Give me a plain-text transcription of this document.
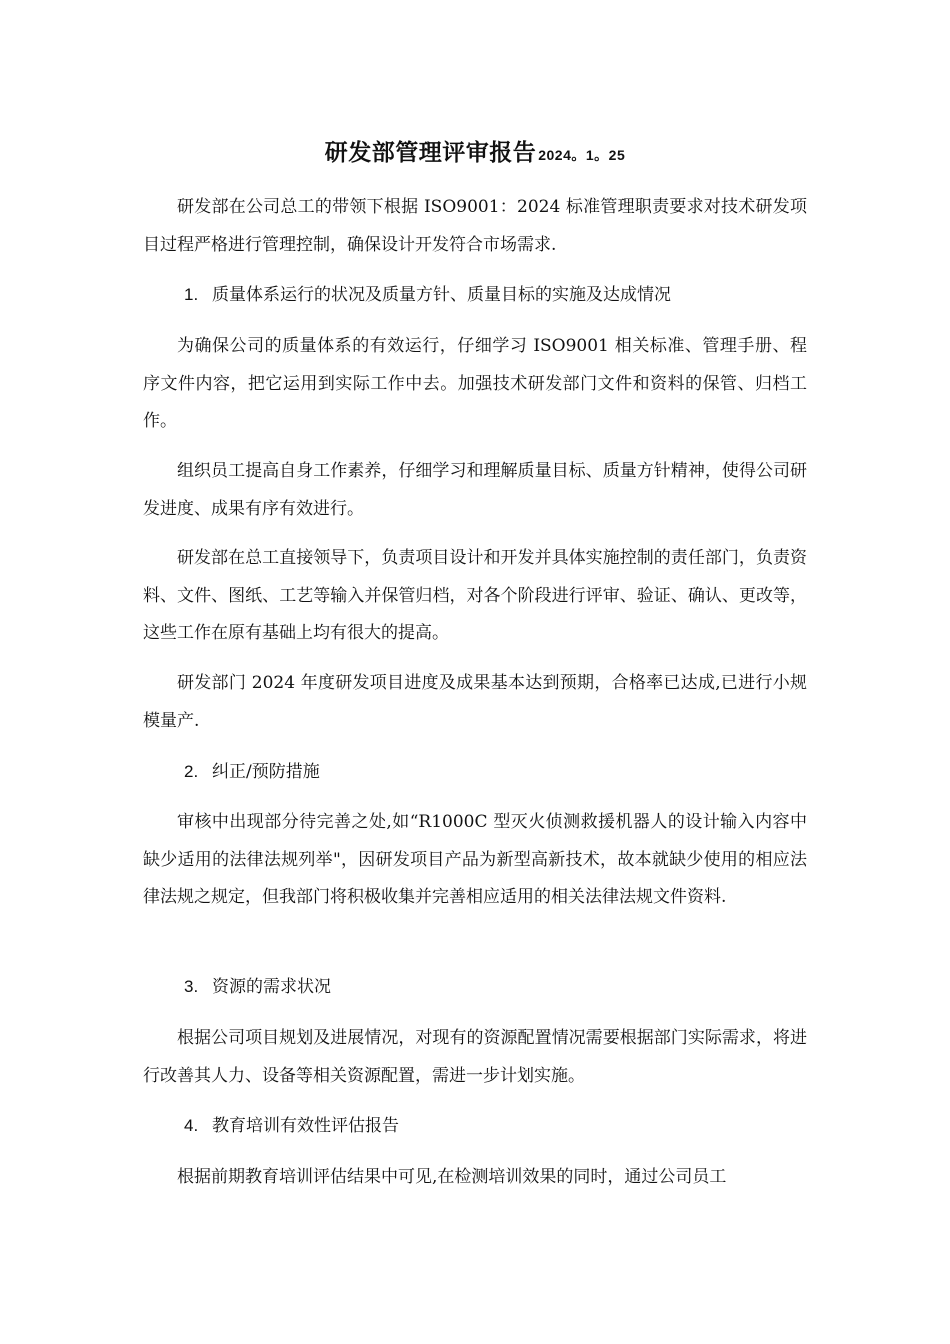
研发部管理评审报告 2024。1。25

研发部在公司总工的带领下根据 ISO9001：2024 标准管理职责要求对技术研发项目过程严格进行管理控制，确保设计开发符合市场需求.

1. 质量体系运行的状况及质量方针、质量目标的实施及达成情况

为确保公司的质量体系的有效运行，仔细学习 ISO9001 相关标准、管理手册、程序文件内容，把它运用到实际工作中去。加强技术研发部门文件和资料的保管、归档工作。

组织员工提高自身工作素养，仔细学习和理解质量目标、质量方针精神，使得公司研发进度、成果有序有效进行。

研发部在总工直接领导下，负责项目设计和开发并具体实施控制的责任部门，负责资料、文件、图纸、工艺等输入并保管归档，对各个阶段进行评审、验证、确认、更改等，这些工作在原有基础上均有很大的提高。

研发部门 2024 年度研发项目进度及成果基本达到预期，合格率已达成,已进行小规模量产.

2. 纠正/预防措施

审核中出现部分待完善之处,如“R1000C 型灭火侦测救援机器人的设计输入内容中缺少适用的法律法规列举"，因研发项目产品为新型高新技术，故本就缺少使用的相应法律法规之规定，但我部门将积极收集并完善相应适用的相关法律法规文件资料.

3. 资源的需求状况

根据公司项目规划及进展情况，对现有的资源配置情况需要根据部门实际需求，将进行改善其人力、设备等相关资源配置，需进一步计划实施。

4. 教育培训有效性评估报告

根据前期教育培训评估结果中可见,在检测培训效果的同时，通过公司员工
